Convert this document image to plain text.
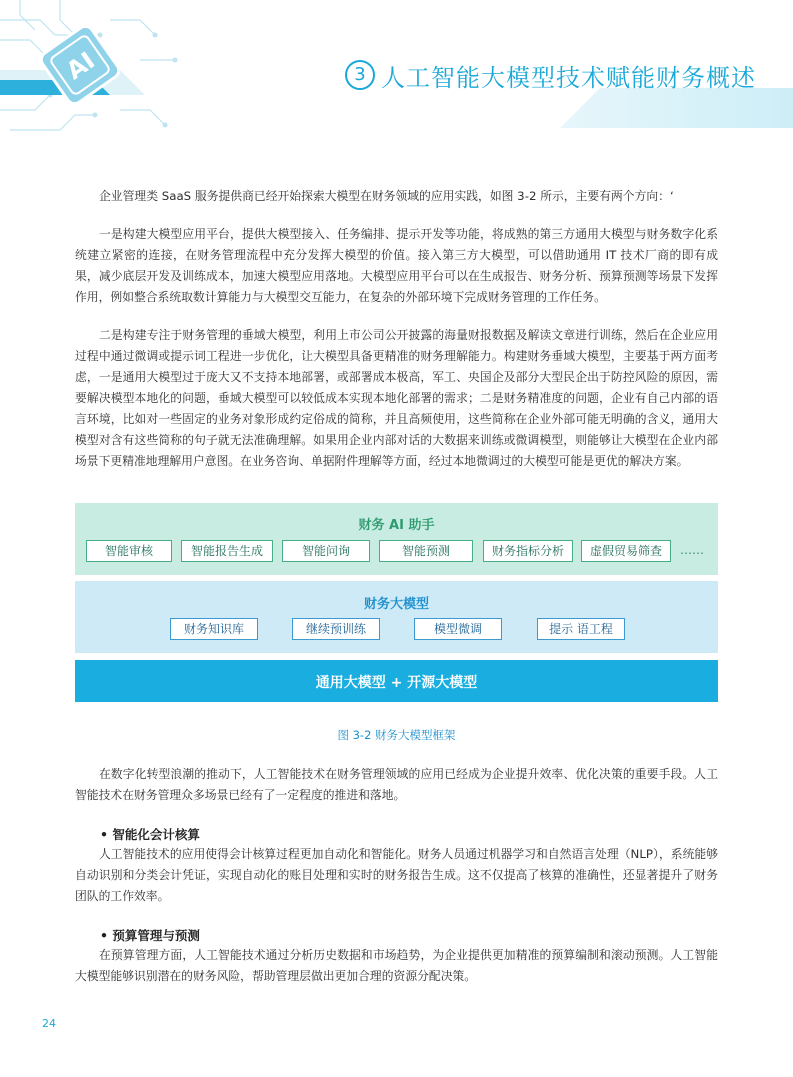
AI	3 人工智能大模型技术赋能财务概述

企业管理类 SaaS 服务提供商已经开始探索大模型在财务领域的应用实践，如图 3-2 所示，主要有两个方向：‘

一是构建大模型应用平台，提供大模型接入、任务编排、提示开发等功能，将成熟的第三方通用大模型与财务数字化系统建立紧密的连接，在财务管理流程中充分发挥大模型的价值。接入第三方大模型，可以借助通用 IT 技术厂商的即有成果，减少底层开发及训练成本，加速大模型应用落地。大模型应用平台可以在生成报告、财务分析、预算预测等场景下发挥作用，例如整合系统取数计算能力与大模型交互能力，在复杂的外部环境下完成财务管理的工作任务。

二是构建专注于财务管理的垂域大模型，利用上市公司公开披露的海量财报数据及解读文章进行训练，然后在企业应用过程中通过微调或提示词工程进一步优化，让大模型具备更精准的财务理解能力。构建财务垂域大模型，主要基于两方面考虑，一是通用大模型过于庞大又不支持本地部署，或部署成本极高，军工、央国企及部分大型民企出于防控风险的原因，需要解决模型本地化的问题，垂域大模型可以较低成本实现本地化部署的需求；二是财务精准度的问题，企业有自己内部的语言环境，比如对一些固定的业务对象形成约定俗成的简称，并且高频使用，这些简称在企业外部可能无明确的含义，通用大模型对含有这些简称的句子就无法准确理解。如果用企业内部对话的大数据来训练或微调模型，则能够让大模型在企业内部场景下更精准地理解用户意图。在业务咨询、单据附件理解等方面，经过本地微调过的大模型可能是更优的解决方案。

财务 AI 助手
智能审核	智能报告生成	智能问询	智能预测	财务指标分析	虚假贸易筛查	……
财务大模型
财务知识库	继续预训练	模型微调	提示 语工程
通用大模型 + 开源大模型
图 3-2 财务大模型框架

在数字化转型浪潮的推动下，人工智能技术在财务管理领域的应用已经成为企业提升效率、优化决策的重要手段。人工智能技术在财务管理众多场景已经有了一定程度的推进和落地。

• 智能化会计核算

人工智能技术的应用使得会计核算过程更加自动化和智能化。财务人员通过机器学习和自然语言处理（NLP），系统能够自动识别和分类会计凭证，实现自动化的账目处理和实时的财务报告生成。这不仅提高了核算的准确性，还显著提升了财务团队的工作效率。

• 预算管理与预测

在预算管理方面，人工智能技术通过分析历史数据和市场趋势，为企业提供更加精准的预算编制和滚动预测。人工智能大模型能够识别潜在的财务风险，帮助管理层做出更加合理的资源分配决策。

24
